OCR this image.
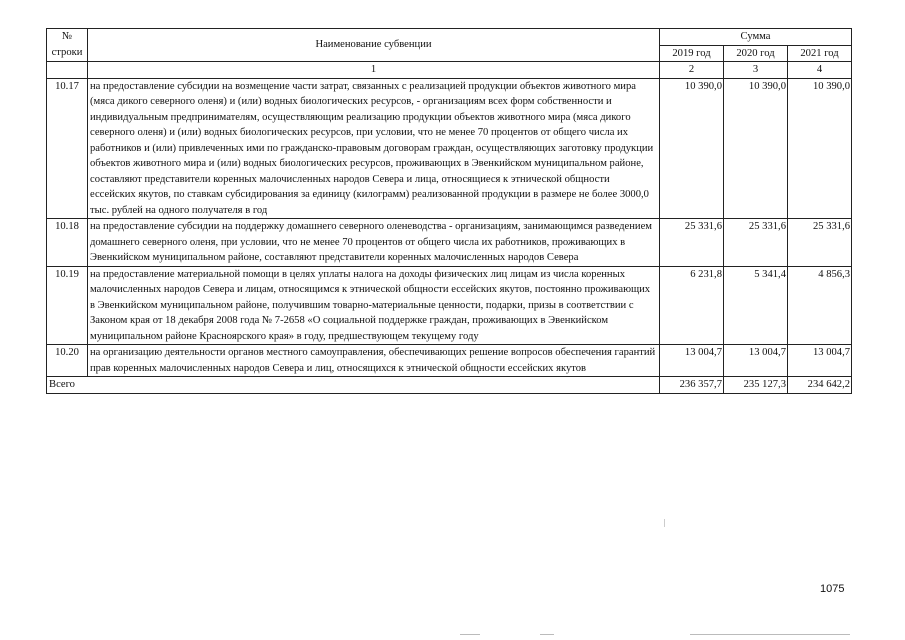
№
строки	Наименование субвенции	Сумма		
		2019 год	2020 год	2021 год
	1	2	3	4
10.17	на предоставление субсидии на возмещение части затрат, связанных с реализацией продукции объектов животного мира (мяса дикого северного оленя) и (или) водных биологических ресурсов, - организациям всех форм собственности и индивидуальным предпринимателям, осуществляющим реализацию продукции объектов животного мира (мяса дикого северного оленя) и (или) водных биологических ресурсов, при условии, что не менее 70 процентов от общего числа их работников и (или) привлеченных ими по гражданско-правовым договорам граждан, осуществляющих заготовку продукции объектов животного мира и (или) водных биологических ресурсов, проживающих в Эвенкийском муниципальном районе, составляют представители коренных малочисленных народов Севера и лица, относящиеся к этнической общности ессейских якутов, по ставкам субсидирования за единицу (килограмм) реализованной продукции в размере не более 3000,0 тыс. рублей на одного получателя в год	10 390,0	10 390,0	10 390,0
10.18	на предоставление субсидии на поддержку домашнего северного оленеводства - организациям, занимающимся разведением домашнего северного оленя, при условии, что не менее 70 процентов от общего числа их работников, проживающих в Эвенкийском муниципальном районе, составляют представители коренных малочисленных народов Севера	25 331,6	25 331,6	25 331,6
10.19	на предоставление материальной помощи в целях уплаты налога на доходы физических лиц лицам из числа коренных малочисленных народов Севера и лицам, относящимся к этнической общности ессейских якутов, постоянно проживающих в Эвенкийском муниципальном районе, получившим товарно-материальные ценности, подарки, призы в соответствии с Законом края от 18 декабря 2008 года № 7-2658 «О социальной поддержке граждан, проживающих в Эвенкийском муниципальном районе Красноярского края» в году, предшествующем текущему году	6 231,8	5 341,4	4 856,3
10.20	на организацию деятельности органов местного самоуправления, обеспечивающих решение вопросов обеспечения гарантий прав коренных малочисленных народов Севера и лиц, относящихся к этнической общности ессейских якутов	13 004,7	13 004,7	13 004,7
Всего		236 357,7	235 127,3	234 642,2
1075
